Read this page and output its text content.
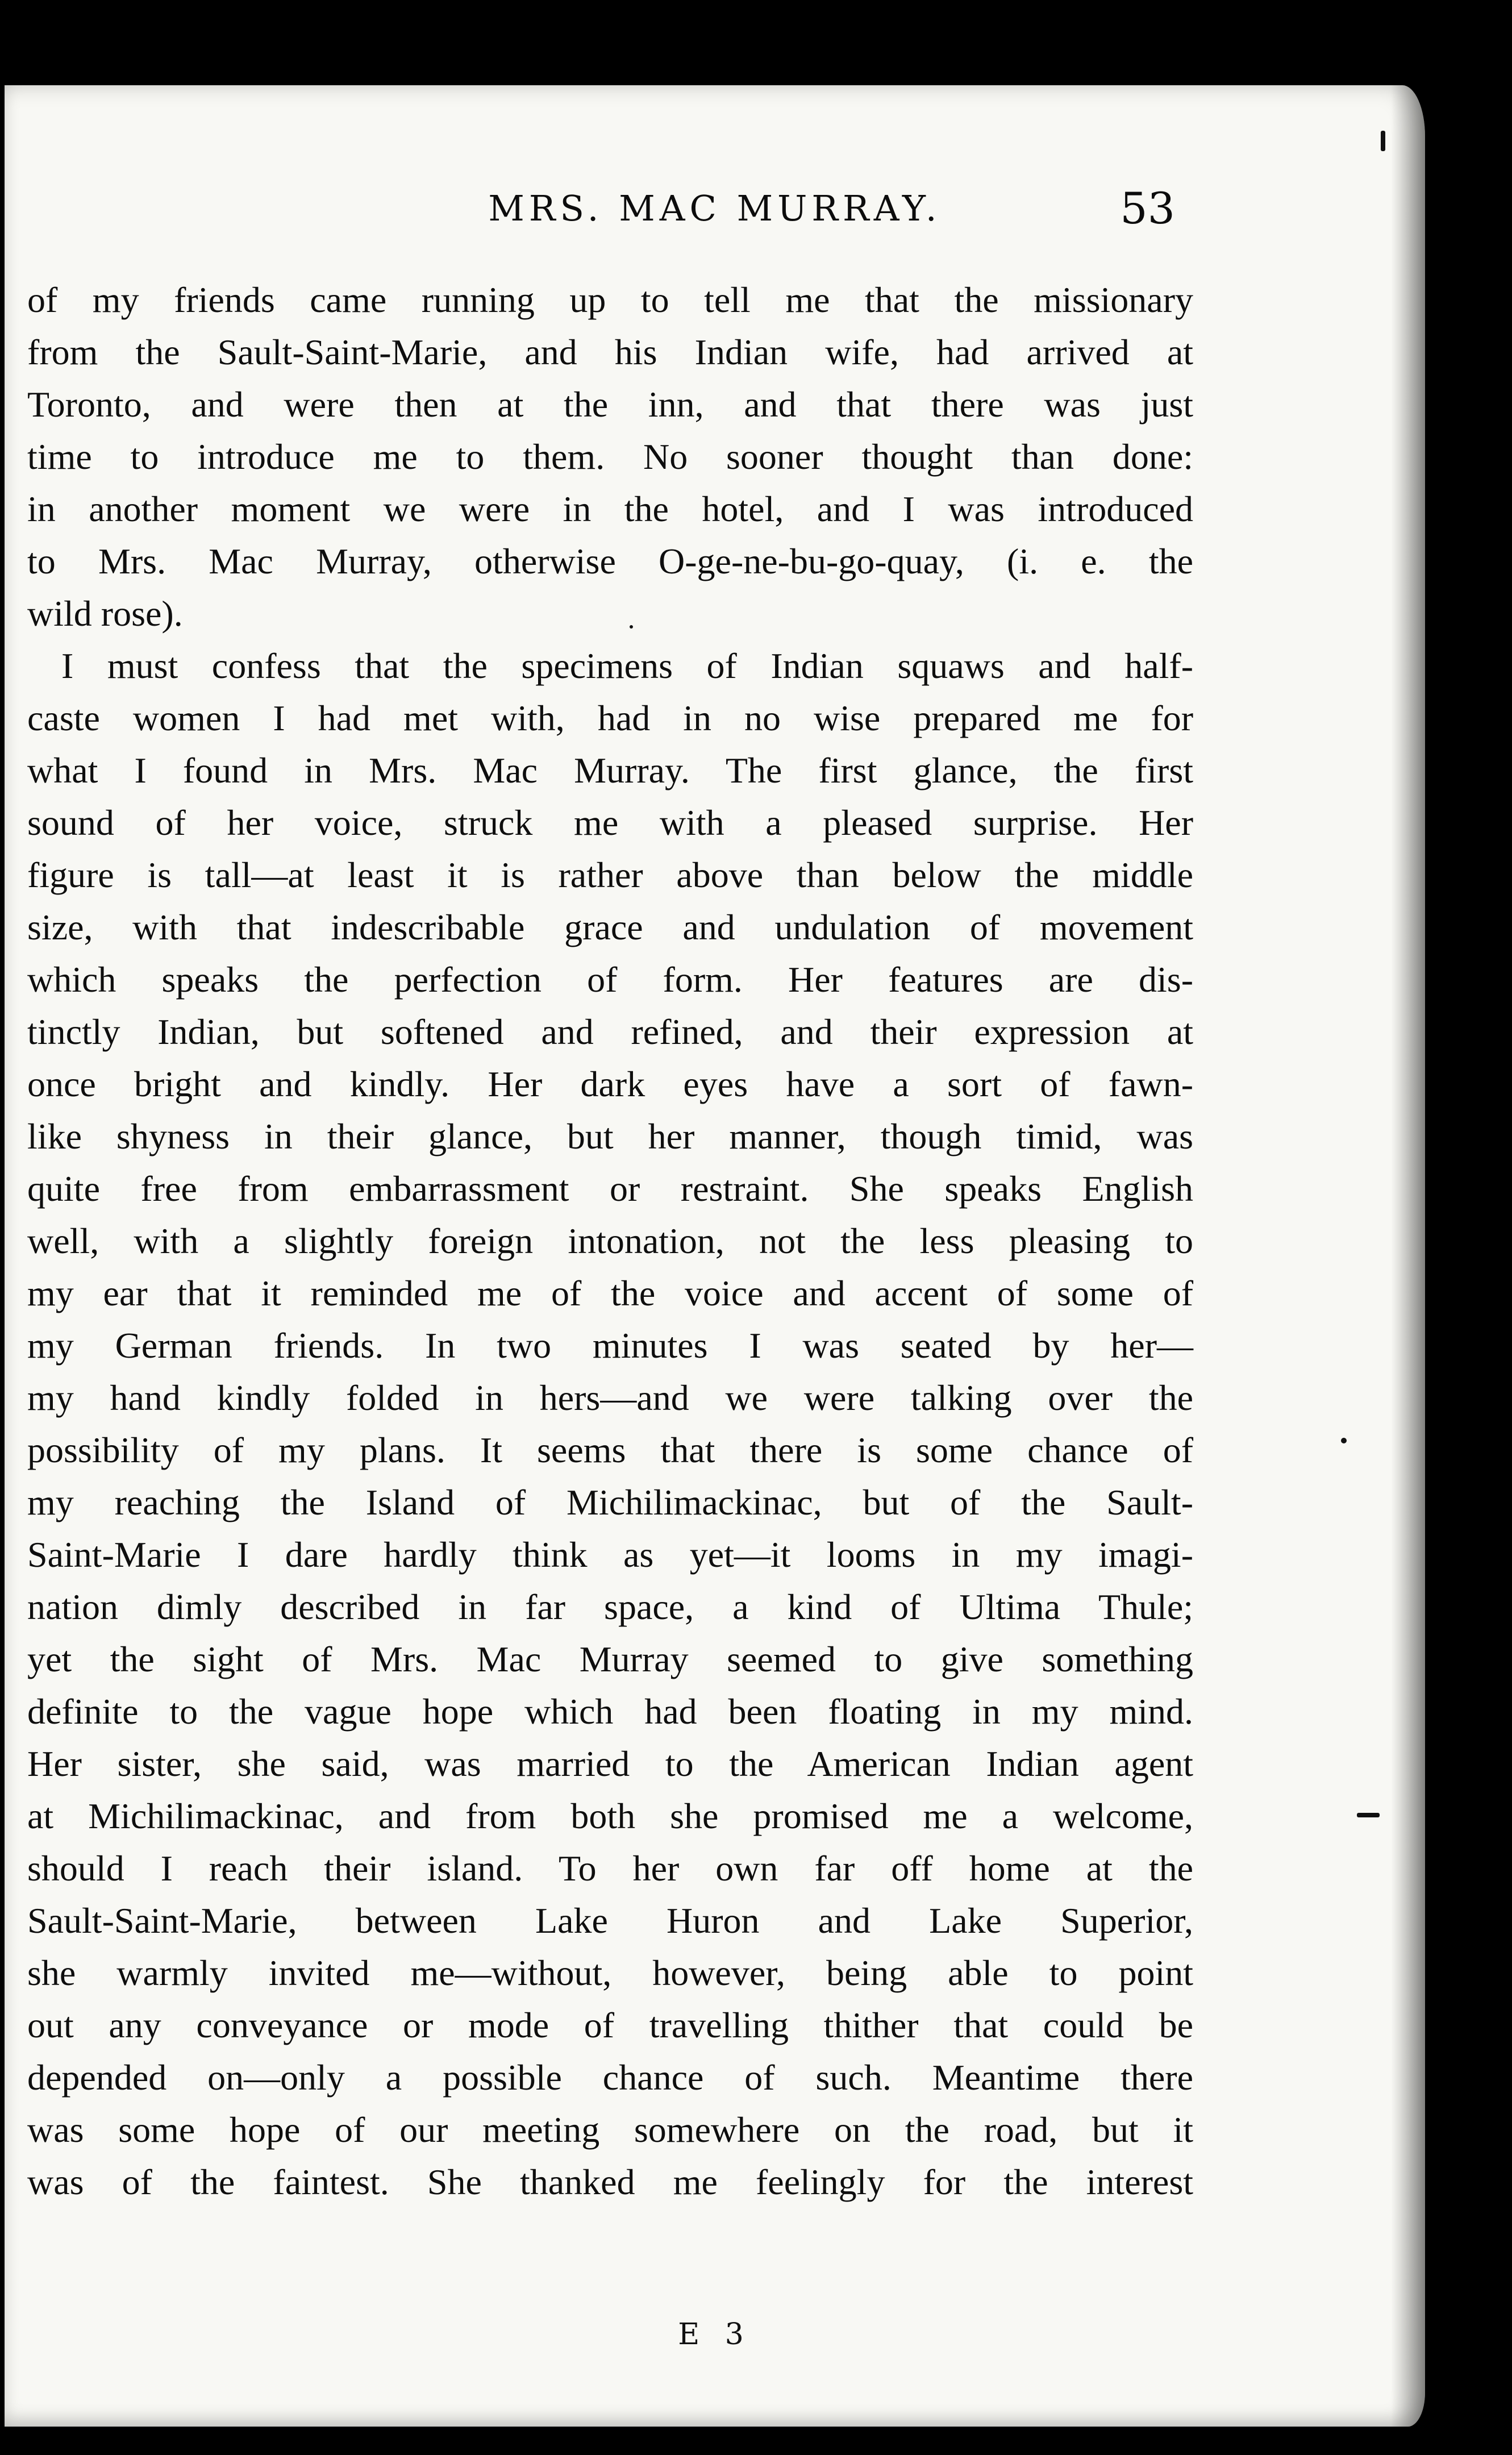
MRS. MAC MURRAY.	53
of my friends came running up to tell me that the missionary
from the Sault-Saint-Marie, and his Indian wife, had arrived at
Toronto, and were then at the inn, and that there was just
time to introduce me to them. No sooner thought than done:
in another moment we were in the hotel, and I was introduced
to Mrs. Mac Murray, otherwise O-ge-ne-bu-go-quay, (i. e. the
wild rose).
I must confess that the specimens of Indian squaws and half-
caste women I had met with, had in no wise prepared me for
what I found in Mrs. Mac Murray. The first glance, the first
sound of her voice, struck me with a pleased surprise. Her
figure is tall—at least it is rather above than below the middle
size, with that indescribable grace and undulation of movement
which speaks the perfection of form. Her features are dis-
tinctly Indian, but softened and refined, and their expression at
once bright and kindly. Her dark eyes have a sort of fawn-
like shyness in their glance, but her manner, though timid, was
quite free from embarrassment or restraint. She speaks English
well, with a slightly foreign intonation, not the less pleasing to
my ear that it reminded me of the voice and accent of some of
my German friends. In two minutes I was seated by her—
my hand kindly folded in hers—and we were talking over the
possibility of my plans. It seems that there is some chance of
my reaching the Island of Michilimackinac, but of the Sault-
Saint-Marie I dare hardly think as yet—it looms in my imagi-
nation dimly described in far space, a kind of Ultima Thule;
yet the sight of Mrs. Mac Murray seemed to give something
definite to the vague hope which had been floating in my mind.
Her sister, she said, was married to the American Indian agent
at Michilimackinac, and from both she promised me a welcome,
should I reach their island. To her own far off home at the
Sault-Saint-Marie, between Lake Huron and Lake Superior,
she warmly invited me—without, however, being able to point
out any conveyance or mode of travelling thither that could be
depended on—only a possible chance of such. Meantime there
was some hope of our meeting somewhere on the road, but it
was of the faintest. She thanked me feelingly for the interest
E 3
